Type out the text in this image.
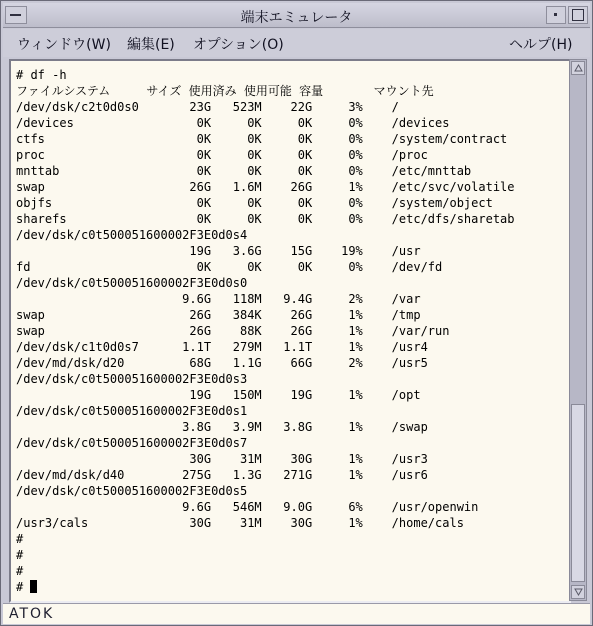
端末エミュレータ
ウィンドウ(W) 編集(E) オプション(O)	ヘルプ(H)
# df -h
ファイルシステム     サイズ 使用済み 使用可能 容量       マウント先
/dev/dsk/c2t0d0s0       23G   523M    22G     3%    /
/devices                 0K     0K     0K     0%    /devices
ctfs                     0K     0K     0K     0%    /system/contract
proc                     0K     0K     0K     0%    /proc
mnttab                   0K     0K     0K     0%    /etc/mnttab
swap                    26G   1.6M    26G     1%    /etc/svc/volatile
objfs                    0K     0K     0K     0%    /system/object
sharefs                  0K     0K     0K     0%    /etc/dfs/sharetab
/dev/dsk/c0t500051600002F3E0d0s4
19G   3.6G    15G    19%    /usr
fd                       0K     0K     0K     0%    /dev/fd
/dev/dsk/c0t500051600002F3E0d0s0
9.6G   118M   9.4G     2%    /var
swap                    26G   384K    26G     1%    /tmp
swap                    26G    88K    26G     1%    /var/run
/dev/dsk/c1t0d0s7      1.1T   279M   1.1T     1%    /usr4
/dev/md/dsk/d20         68G   1.1G    66G     2%    /usr5
/dev/dsk/c0t500051600002F3E0d0s3
19G   150M    19G     1%    /opt
/dev/dsk/c0t500051600002F3E0d0s1
3.8G   3.9M   3.8G     1%    /swap
/dev/dsk/c0t500051600002F3E0d0s7
30G    31M    30G     1%    /usr3
/dev/md/dsk/d40        275G   1.3G   271G     1%    /usr6
/dev/dsk/c0t500051600002F3E0d0s5
9.6G   546M   9.0G     6%    /usr/openwin
/usr3/cals              30G    31M    30G     1%    /home/cals
#
#
#
#
ATOK
